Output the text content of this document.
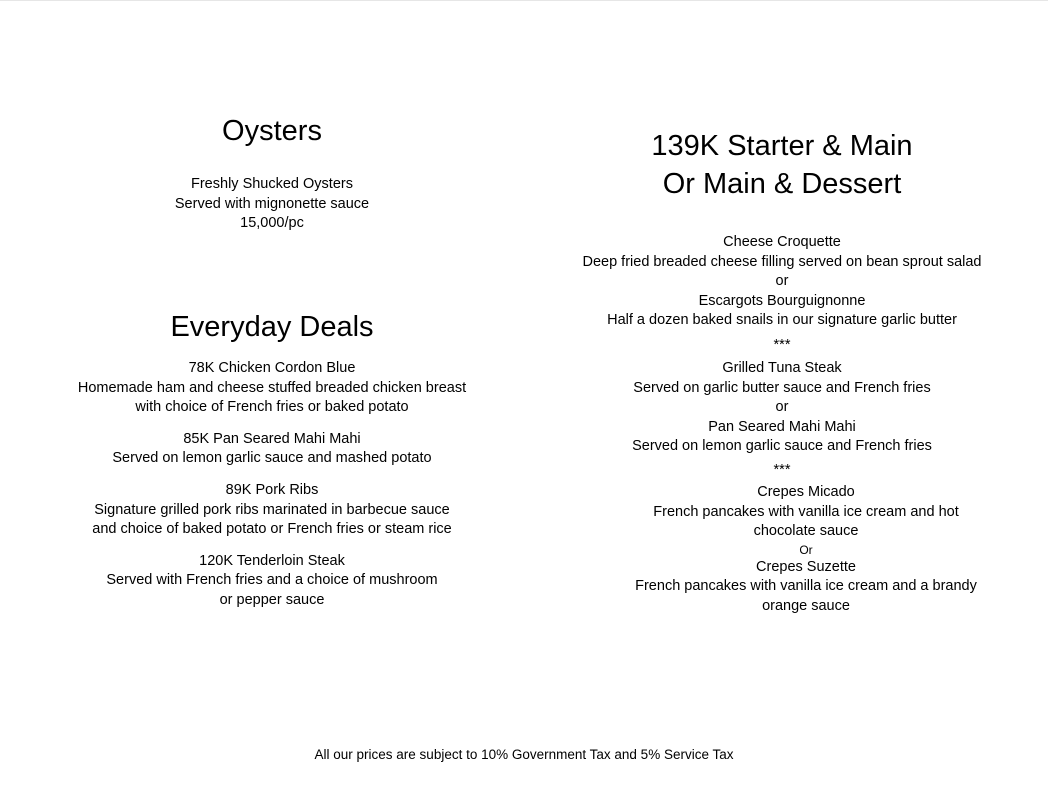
Oysters
Freshly Shucked Oysters
Served with mignonette sauce
15,000/pc
Everyday Deals
78K Chicken Cordon Blue
Homemade ham and cheese stuffed breaded chicken breast
with choice of French fries or baked potato
85K Pan Seared Mahi Mahi
Served on lemon garlic sauce and mashed potato
89K Pork Ribs
Signature grilled pork ribs marinated in barbecue sauce
and choice of baked potato or French fries or steam rice
120K Tenderloin Steak
Served with French fries and a choice of mushroom
or pepper sauce
139K Starter & Main
Or Main & Dessert
Cheese Croquette
Deep fried breaded cheese filling served on bean sprout salad
or
Escargots Bourguignonne
Half a dozen baked snails in our signature garlic butter
***
Grilled Tuna Steak
Served on garlic butter sauce and French fries
or
Pan Seared Mahi Mahi
Served on lemon garlic sauce and French fries
***
Crepes Micado
French pancakes with vanilla ice cream and hot
chocolate sauce
Or
Crepes Suzette
French pancakes with vanilla ice cream and a brandy
orange sauce
All our prices are subject to 10% Government Tax and 5% Service Tax
